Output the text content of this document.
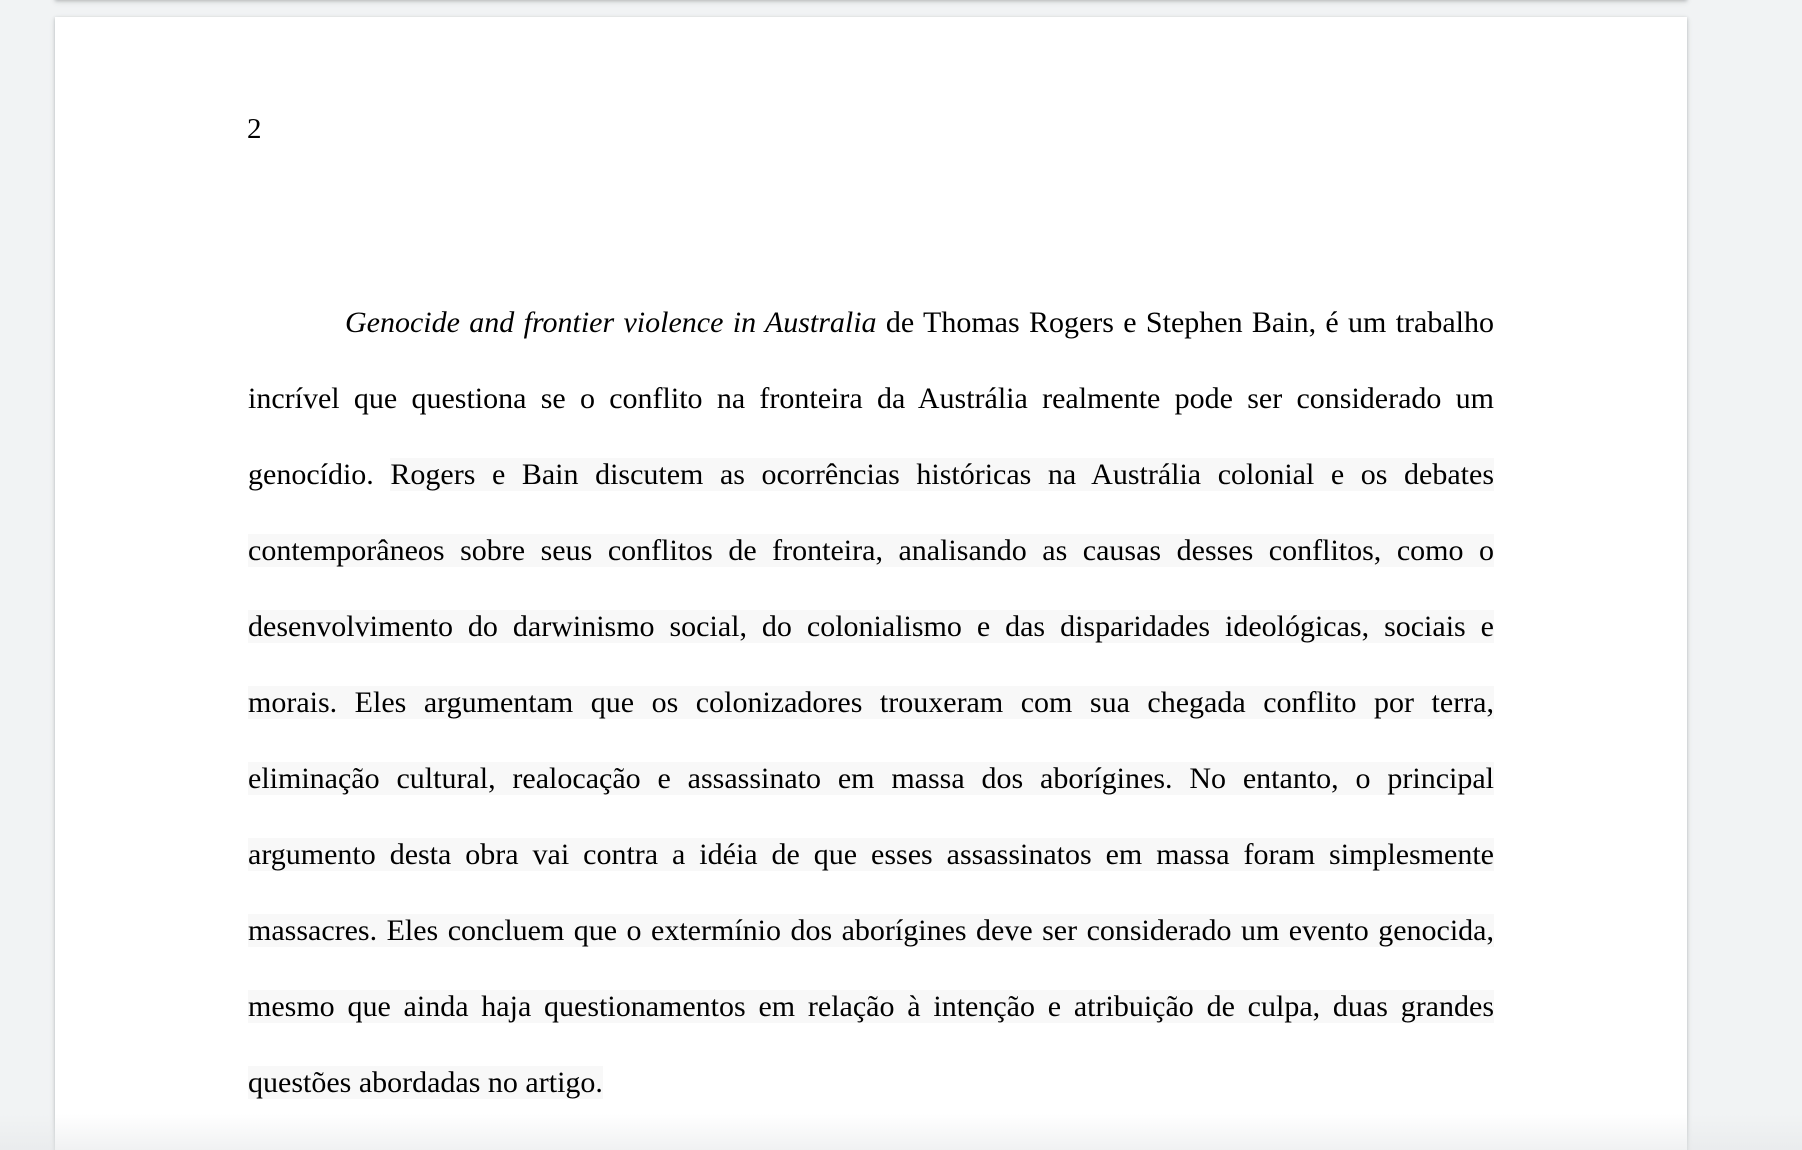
2

Genocide and frontier violence in Australia de Thomas Rogers e Stephen Bain, é um trabalho incrível que questiona se o conflito na fronteira da Austrália realmente pode ser considerado um genocídio. Rogers e Bain discutem as ocorrências históricas na Austrália colonial e os debates contemporâneos sobre seus conflitos de fronteira, analisando as causas desses conflitos, como o desenvolvimento do darwinismo social, do colonialismo e das disparidades ideológicas, sociais e morais. Eles argumentam que os colonizadores trouxeram com sua chegada conflito por terra, eliminação cultural, realocação e assassinato em massa dos aborígines. No entanto, o principal argumento desta obra vai contra a idéia de que esses assassinatos em massa foram simplesmente massacres. Eles concluem que o extermínio dos aborígines deve ser considerado um evento genocida, mesmo que ainda haja questionamentos em relação à intenção e atribuição de culpa, duas grandes questões abordadas no artigo.
